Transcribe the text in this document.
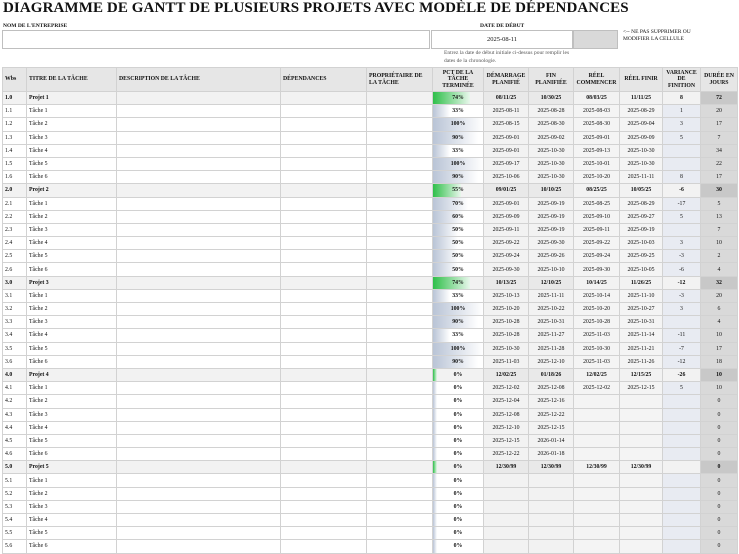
DIAGRAMME DE GANTT DE PLUSIEURS PROJETS AVEC MODÈLE DE DÉPENDANCES
NOM DE L'ENTREPRISE	DATE DE DÉBUT
2025-08-11
<-- NE PAS SUPPRIMER OU MODIFIER LA CELLULE
Entrez la date de début initiale ci-dessus pour remplir les dates de la chronologie.
Wbs	TITRE DE LA TÂCHE	DESCRIPTION DE LA TÂCHE	DÉPENDANCES	PROPRIÉTAIRE DE LA TÂCHE	PCT DE LA TÂCHE TERMINÉE	DÉMARRAGE PLANIFIÉ	FIN PLANIFIÉE	RÉEL COMMENCER	RÉEL FINIR	VARIANCE DE FINITION	DURÉE EN JOURS
1.0	Projet 1				74%	08/11/25	10/30/25	08/03/25	11/11/25	8	72
1.1	Tâche 1				33%	2025-08-11	2025-08-28	2025-08-03	2025-08-29	1	20
1.2	Tâche 2				100%	2025-08-15	2025-08-30	2025-08-30	2025-09-04	3	17
1.3	Tâche 3				90%	2025-09-01	2025-09-02	2025-09-01	2025-09-09	5	7
1.4	Tâche 4				33%	2025-09-01	2025-10-30	2025-09-13	2025-10-30		34
1.5	Tâche 5				100%	2025-09-17	2025-10-30	2025-10-01	2025-10-30		22
1.6	Tâche 6				90%	2025-10-06	2025-10-30	2025-10-20	2025-11-11	8	17
2.0	Projet 2				55%	09/01/25	10/10/25	08/25/25	10/05/25	-6	30
2.1	Tâche 1				70%	2025-09-01	2025-09-19	2025-08-25	2025-08-29	-17	5
2.2	Tâche 2				60%	2025-09-09	2025-09-19	2025-09-10	2025-09-27	5	13
2.3	Tâche 3				50%	2025-09-11	2025-09-19	2025-09-11	2025-09-19		7
2.4	Tâche 4				50%	2025-09-22	2025-09-30	2025-09-22	2025-10-03	3	10
2.5	Tâche 5				50%	2025-09-24	2025-09-26	2025-09-24	2025-09-25	-3	2
2.6	Tâche 6				50%	2025-09-30	2025-10-10	2025-09-30	2025-10-05	-6	4
3.0	Projet 3				74%	10/13/25	12/10/25	10/14/25	11/26/25	-12	32
3.1	Tâche 1				33%	2025-10-13	2025-11-11	2025-10-14	2025-11-10	-3	20
3.2	Tâche 2				100%	2025-10-20	2025-10-22	2025-10-20	2025-10-27	3	6
3.3	Tâche 3				90%	2025-10-28	2025-10-31	2025-10-28	2025-10-31		4
3.4	Tâche 4				33%	2025-10-28	2025-11-27	2025-11-03	2025-11-14	-11	10
3.5	Tâche 5				100%	2025-10-30	2025-11-28	2025-10-30	2025-11-21	-7	17
3.6	Tâche 6				90%	2025-11-03	2025-12-10	2025-11-03	2025-11-26	-12	18
4.0	Projet 4				0%	12/02/25	01/18/26	12/02/25	12/15/25	-26	10
4.1	Tâche 1				0%	2025-12-02	2025-12-08	2025-12-02	2025-12-15	5	10
4.2	Tâche 2				0%	2025-12-04	2025-12-16				0
4.3	Tâche 3				0%	2025-12-08	2025-12-22				0
4.4	Tâche 4				0%	2025-12-10	2025-12-15				0
4.5	Tâche 5				0%	2025-12-15	2026-01-14				0
4.6	Tâche 6				0%	2025-12-22	2026-01-18				0
5.0	Projet 5				0%	12/30/99	12/30/99	12/30/99	12/30/99		0
5.1	Tâche 1				0%						0
5.2	Tâche 2				0%						0
5.3	Tâche 3				0%						0
5.4	Tâche 4				0%						0
5.5	Tâche 5				0%						0
5.6	Tâche 6				0%						0
